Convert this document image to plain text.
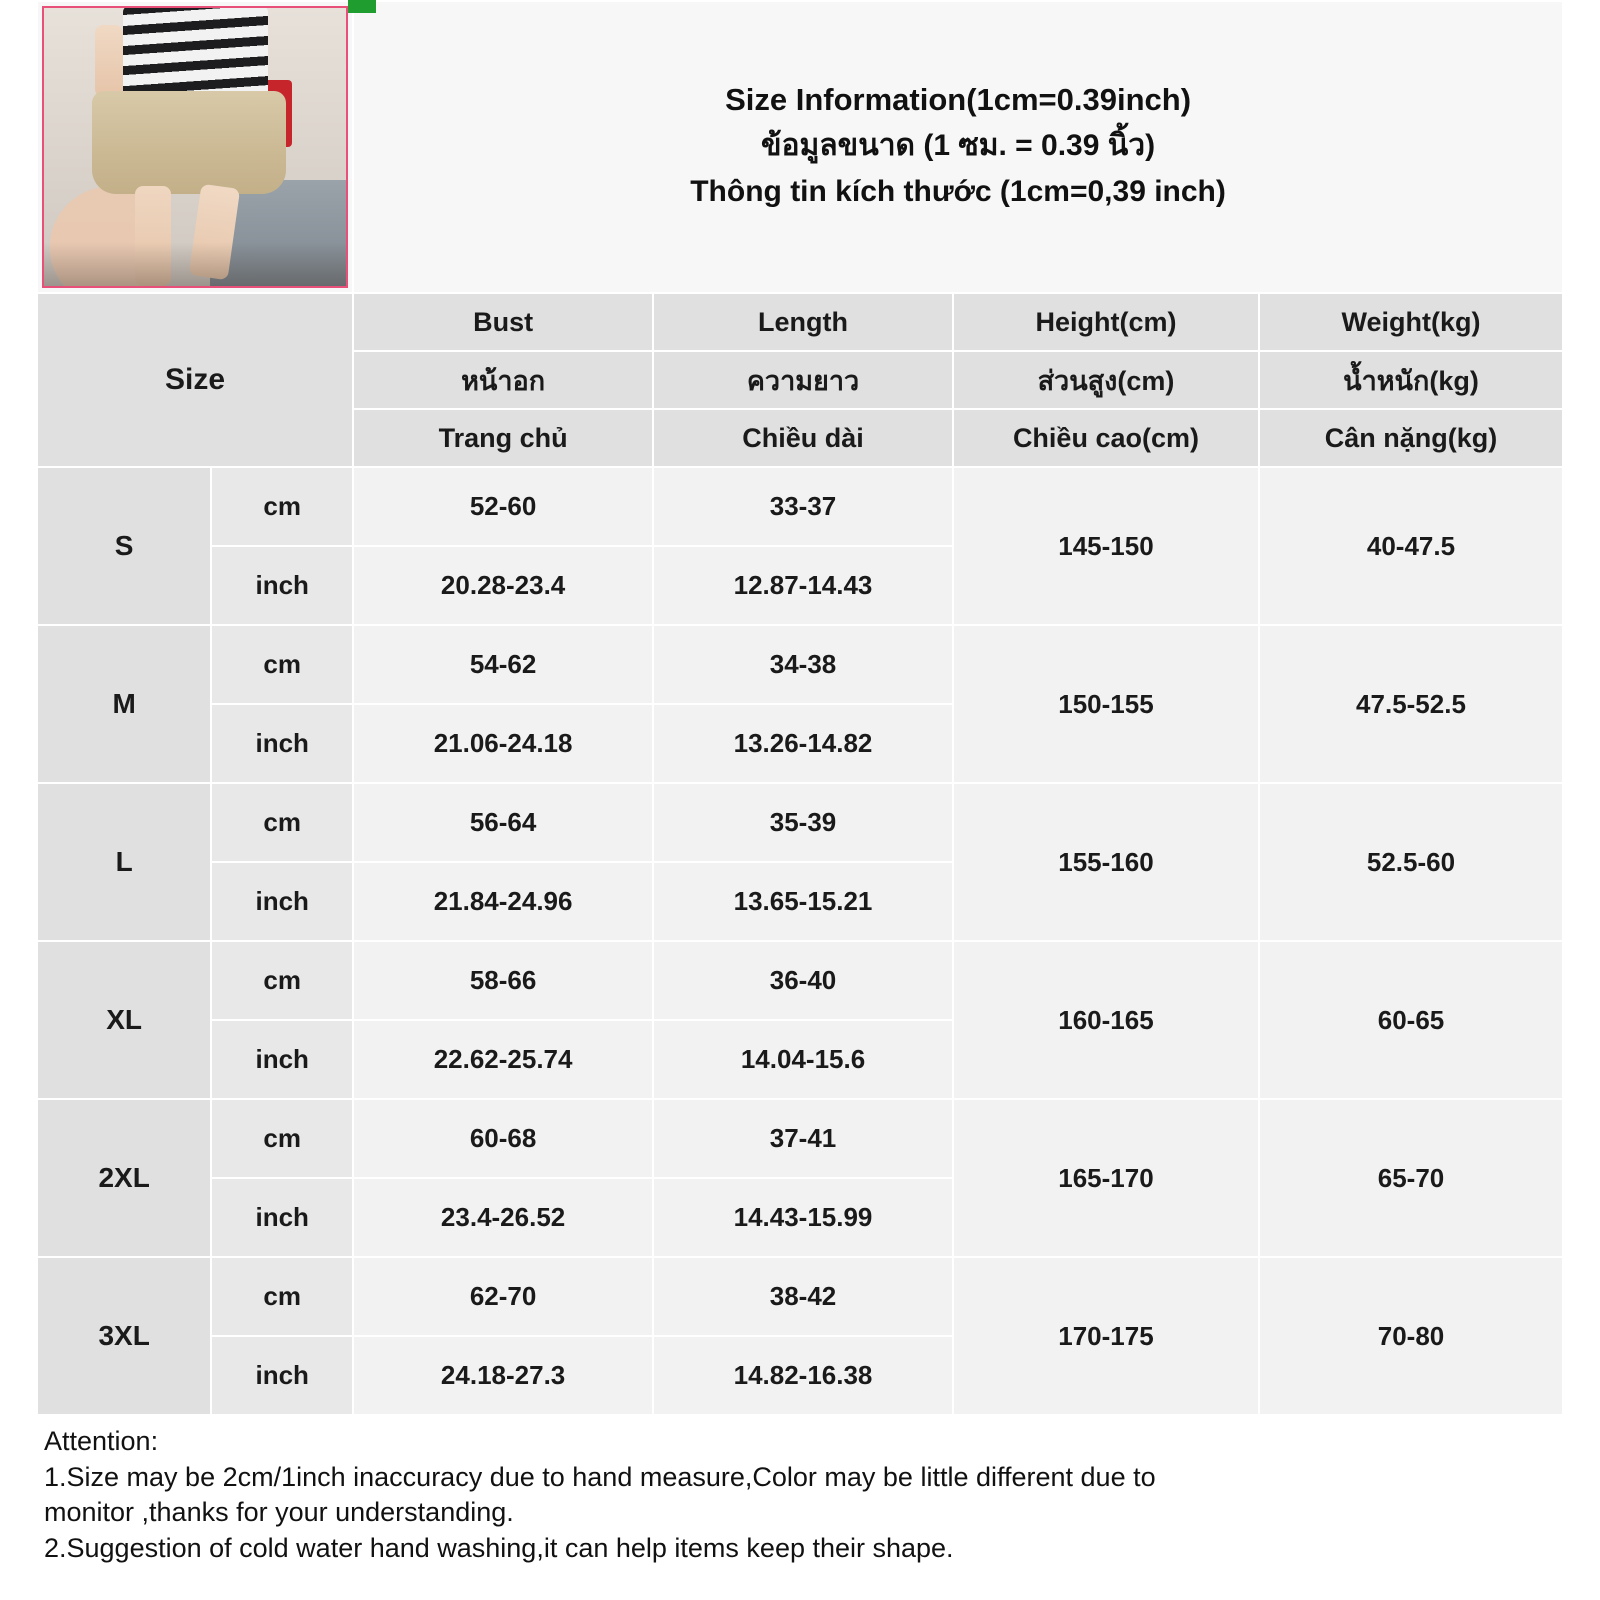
		Size Information(1cm=0.39inch)
ข้อมูลขนาด (1 ซม. = 0.39 นิ้ว)
Thông tin kích thước (1cm=0,39 inch)			

Size		Bust	Length	Height(cm)	Weight(kg)
		หน้าอก	ความยาว	ส่วนสูง(cm)	น้ำหนัก(kg)
		Trang chủ	Chiều dài	Chiều cao(cm)	Cân nặng(kg)
S	cm	52-60	33-37	145-150	40-47.5
	inch	20.28-23.4	12.87-14.43		
M	cm	54-62	34-38	150-155	47.5-52.5
	inch	21.06-24.18	13.26-14.82		
L	cm	56-64	35-39	155-160	52.5-60
	inch	21.84-24.96	13.65-15.21		
XL	cm	58-66	36-40	160-165	60-65
	inch	22.62-25.74	14.04-15.6		
2XL	cm	60-68	37-41	165-170	65-70
	inch	23.4-26.52	14.43-15.99		
3XL	cm	62-70	38-42	170-175	70-80
	inch	24.18-27.3	14.82-16.38		
Attention:
1.Size may be 2cm/1inch inaccuracy due to hand measure,Color may be little different due to
monitor ,thanks for your understanding.
2.Suggestion of cold water hand washing,it can help items keep their shape.
